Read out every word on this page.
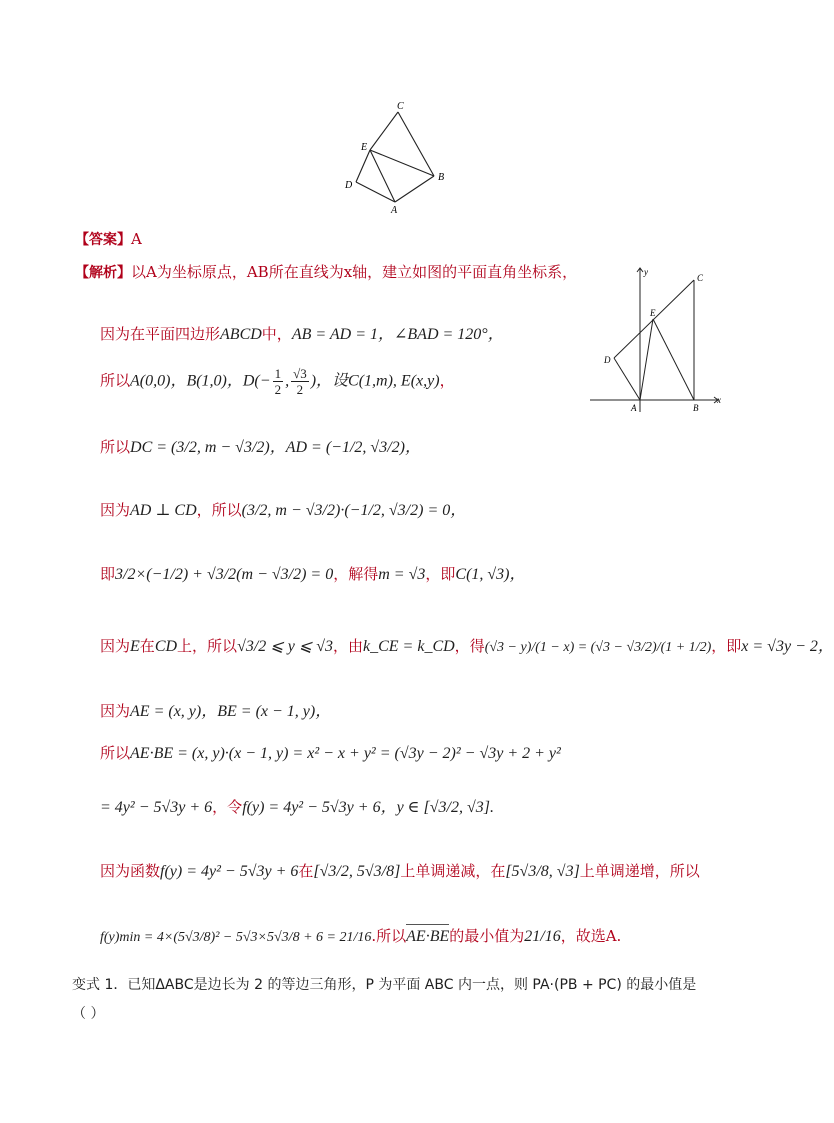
C
E
D
B
A
y
C
E
D
A	B
x
【答案】A
【解析】以A为坐标原点，AB所在直线为x轴，建立如图的平面直角坐标系，
因为在平面四边形ABCD中，AB = AD = 1，∠BAD = 120°，
所以A(0,0)，B(1,0)，$D(- \frac{1}{2}$ , $\frac{√3}{2}$ )，设C(1,m), E(x,y)，
所以DC = (3/2, m − √3/2)，AD = (−1/2, √3/2)，
因为AD ⊥ CD，所以(3/2, m − √3/2)·(−1/2, √3/2) = 0，
即3/2×(−1/2) + √3/2(m − √3/2) = 0，解得m = √3，即C(1, √3)，
因为E在CD上，所以√3/2 ⩽ y ⩽ √3，由k_CE = k_CD，得(√3 − y)/(1 − x) = (√3 − √3/2)/(1 + 1/2)，即x = √3y − 2，
因为AE = (x, y)，BE = (x − 1, y)，
所以AE·BE = (x, y)·(x − 1, y) = x² − x + y² = (√3y − 2)² − √3y + 2 + y²
= 4y² − 5√3y + 6，令f(y) = 4y² − 5√3y + 6，y ∈ [√3/2, √3].
因为函数f(y) = 4y² − 5√3y + 6在[√3/2, 5√3/8]上单调递减，在[5√3/8, √3]上单调递增，所以
f(y)min = 4×(5√3/8)² − 5√3×5√3/8 + 6 = 21/16.所以AE·BE的最小值为21/16，故选A.
变式 1．已知ΔABC是边长为 2 的等边三角形，P 为平面 ABC 内一点，则 PA·(PB + PC) 的最小值是
（ ）
